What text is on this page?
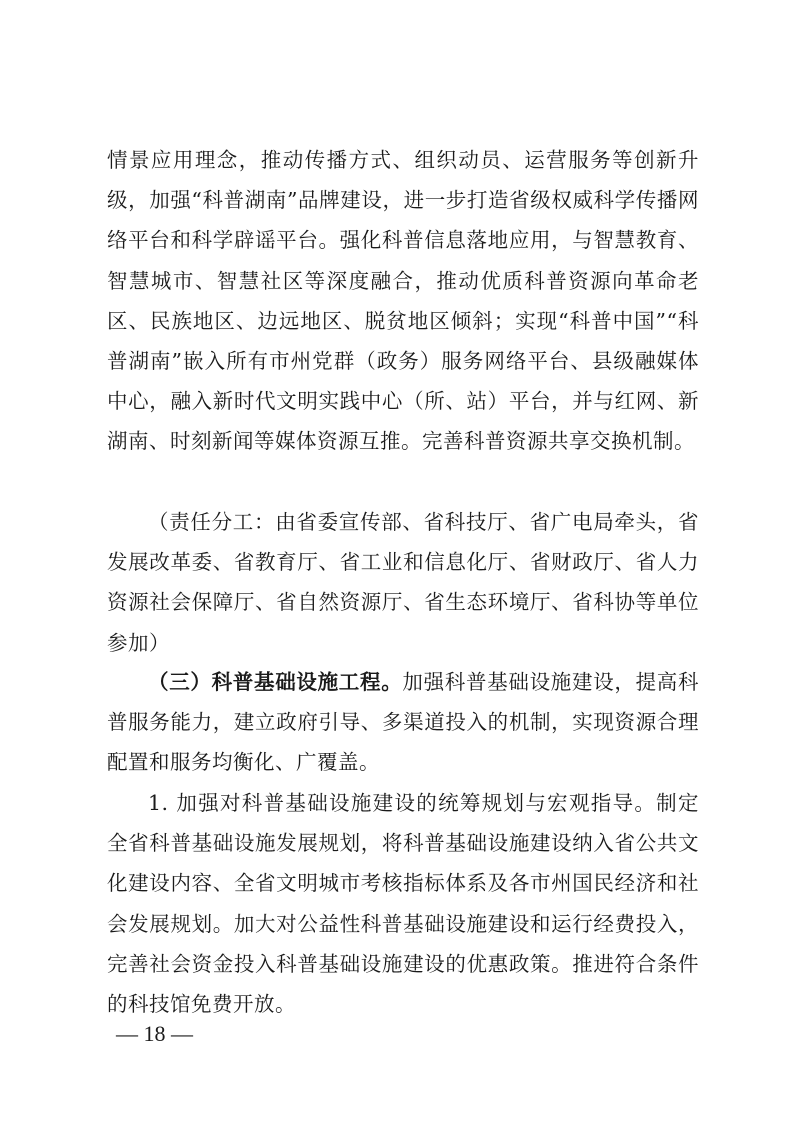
情景应用理念，推动传播方式、组织动员、运营服务等创新升级，加强“科普湖南”品牌建设，进一步打造省级权威科学传播网络平台和科学辟谣平台。强化科普信息落地应用，与智慧教育、智慧城市、智慧社区等深度融合，推动优质科普资源向革命老区、民族地区、边远地区、脱贫地区倾斜；实现“科普中国”“科普湖南”嵌入所有市州党群（政务）服务网络平台、县级融媒体中心，融入新时代文明实践中心（所、站）平台，并与红网、新湖南、时刻新闻等媒体资源互推。完善科普资源共享交换机制。

（责任分工：由省委宣传部、省科技厅、省广电局牵头，省发展改革委、省教育厅、省工业和信息化厅、省财政厅、省人力资源社会保障厅、省自然资源厅、省生态环境厅、省科协等单位参加）

（三）科普基础设施工程。加强科普基础设施建设，提高科普服务能力，建立政府引导、多渠道投入的机制，实现资源合理配置和服务均衡化、广覆盖。

1. 加强对科普基础设施建设的统筹规划与宏观指导。制定全省科普基础设施发展规划，将科普基础设施建设纳入省公共文化建设内容、全省文明城市考核指标体系及各市州国民经济和社会发展规划。加大对公益性科普基础设施建设和运行经费投入，完善社会资金投入科普基础设施建设的优惠政策。推进符合条件的科技馆免费开放。

— 18 —
